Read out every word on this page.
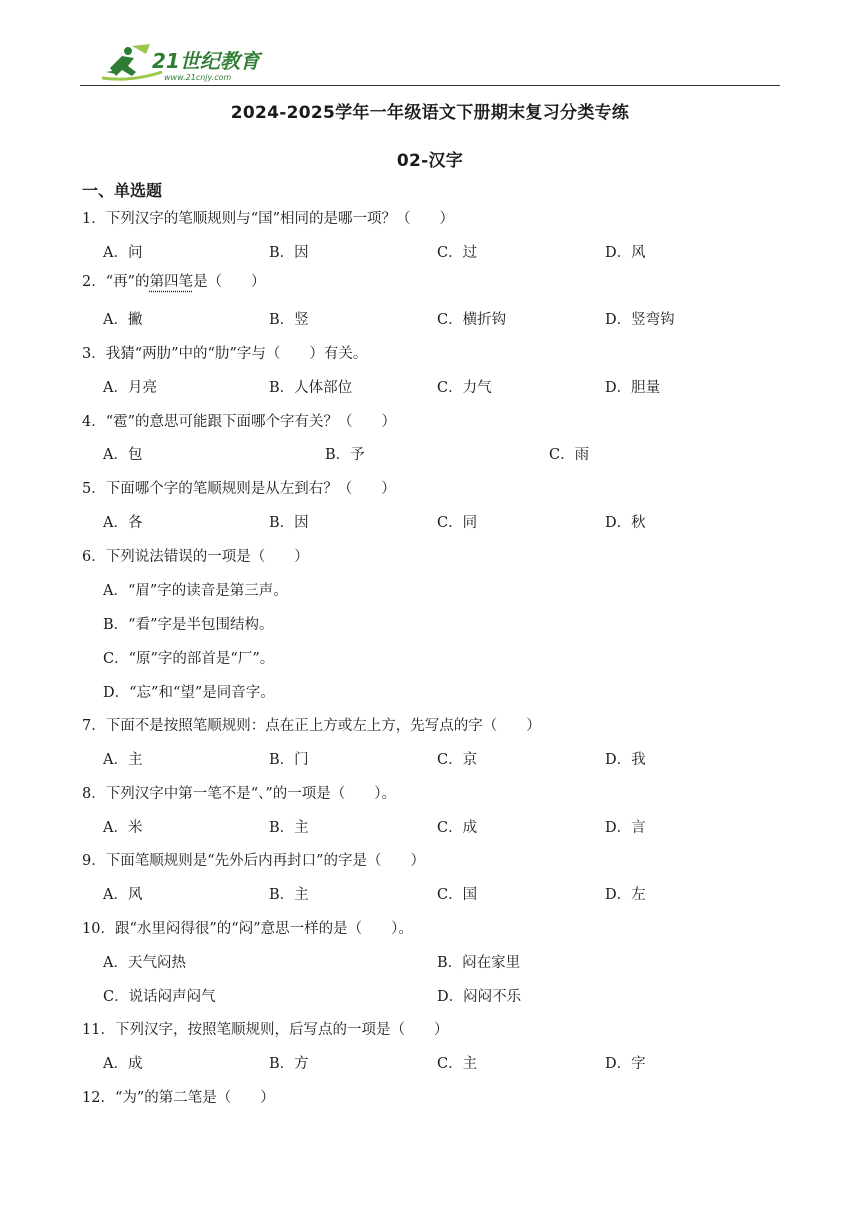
21世纪教育
www.21cnjy.com
2024-2025学年一年级语文下册期末复习分类专练
02-汉字
一、单选题
1．下列汉字的笔顺规则与“国”相同的是哪一项？（　　）
A．问	B．因	C．过	D．风
2．“再”的第四笔是（　　）
A．撇	B．竖	C．横折钩	D．竖弯钩
3．我猜“两肋”中的“肋”字与（　　）有关。
A．月亮	B．人体部位	C．力气	D．胆量
4．“雹”的意思可能跟下面哪个字有关？（　　）
A．包	B．予	C．雨
5．下面哪个字的笔顺规则是从左到右？（　　）
A．各	B．因	C．同	D．秋
6．下列说法错误的一项是（　　）
A．“眉”字的读音是第三声。
B．“看”字是半包围结构。
C．“原”字的部首是“厂”。
D．“忘”和“望”是同音字。
7．下面不是按照笔顺规则：点在正上方或左上方，先写点的字（　　）
A．主	B．门	C．京	D．我
8．下列汉字中第一笔不是“、”的一项是（　　）。
A．米	B．主	C．成	D．言
9．下面笔顺规则是“先外后内再封口”的字是（　　）
A．风	B．主	C．国	D．左
10．跟“水里闷得很”的“闷”意思一样的是（　　）。
A．天气闷热	B．闷在家里
C．说话闷声闷气	D．闷闷不乐
11．下列汉字，按照笔顺规则，后写点的一项是（　　）
A．成	B．方	C．主	D．字
12．“为”的第二笔是（　　）
